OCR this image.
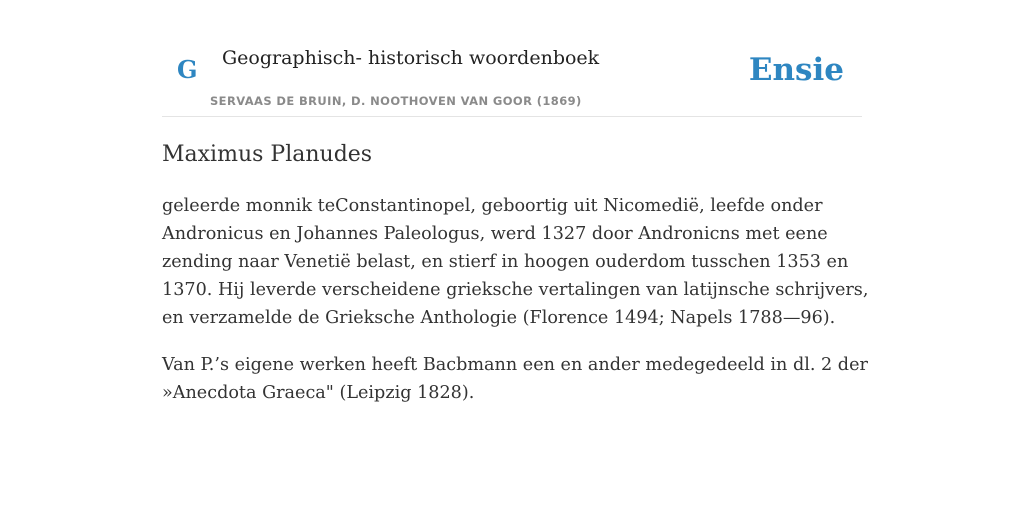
G Geographisch- historisch woordenboek
SERVAAS DE BRUIN, D. NOOTHOVEN VAN GOOR (1869)
Ensie
Maximus Planudes

geleerde monnik teConstantinopel, geboortig uit Nicomedië, leefde onder Andronicus en Johannes Paleologus, werd 1327 door Andronicns met eene zending naar Venetië belast, en stierf in hoogen ouderdom tusschen 1353 en 1370. Hij leverde verscheidene grieksche vertalingen van latijnsche schrijvers, en verzamelde de Grieksche Anthologie (Florence 1494; Napels 1788—96).

Van P.’s eigene werken heeft Bacbmann een en ander medegedeeld in dl. 2 der »Anecdota Graeca" (Leipzig 1828).
